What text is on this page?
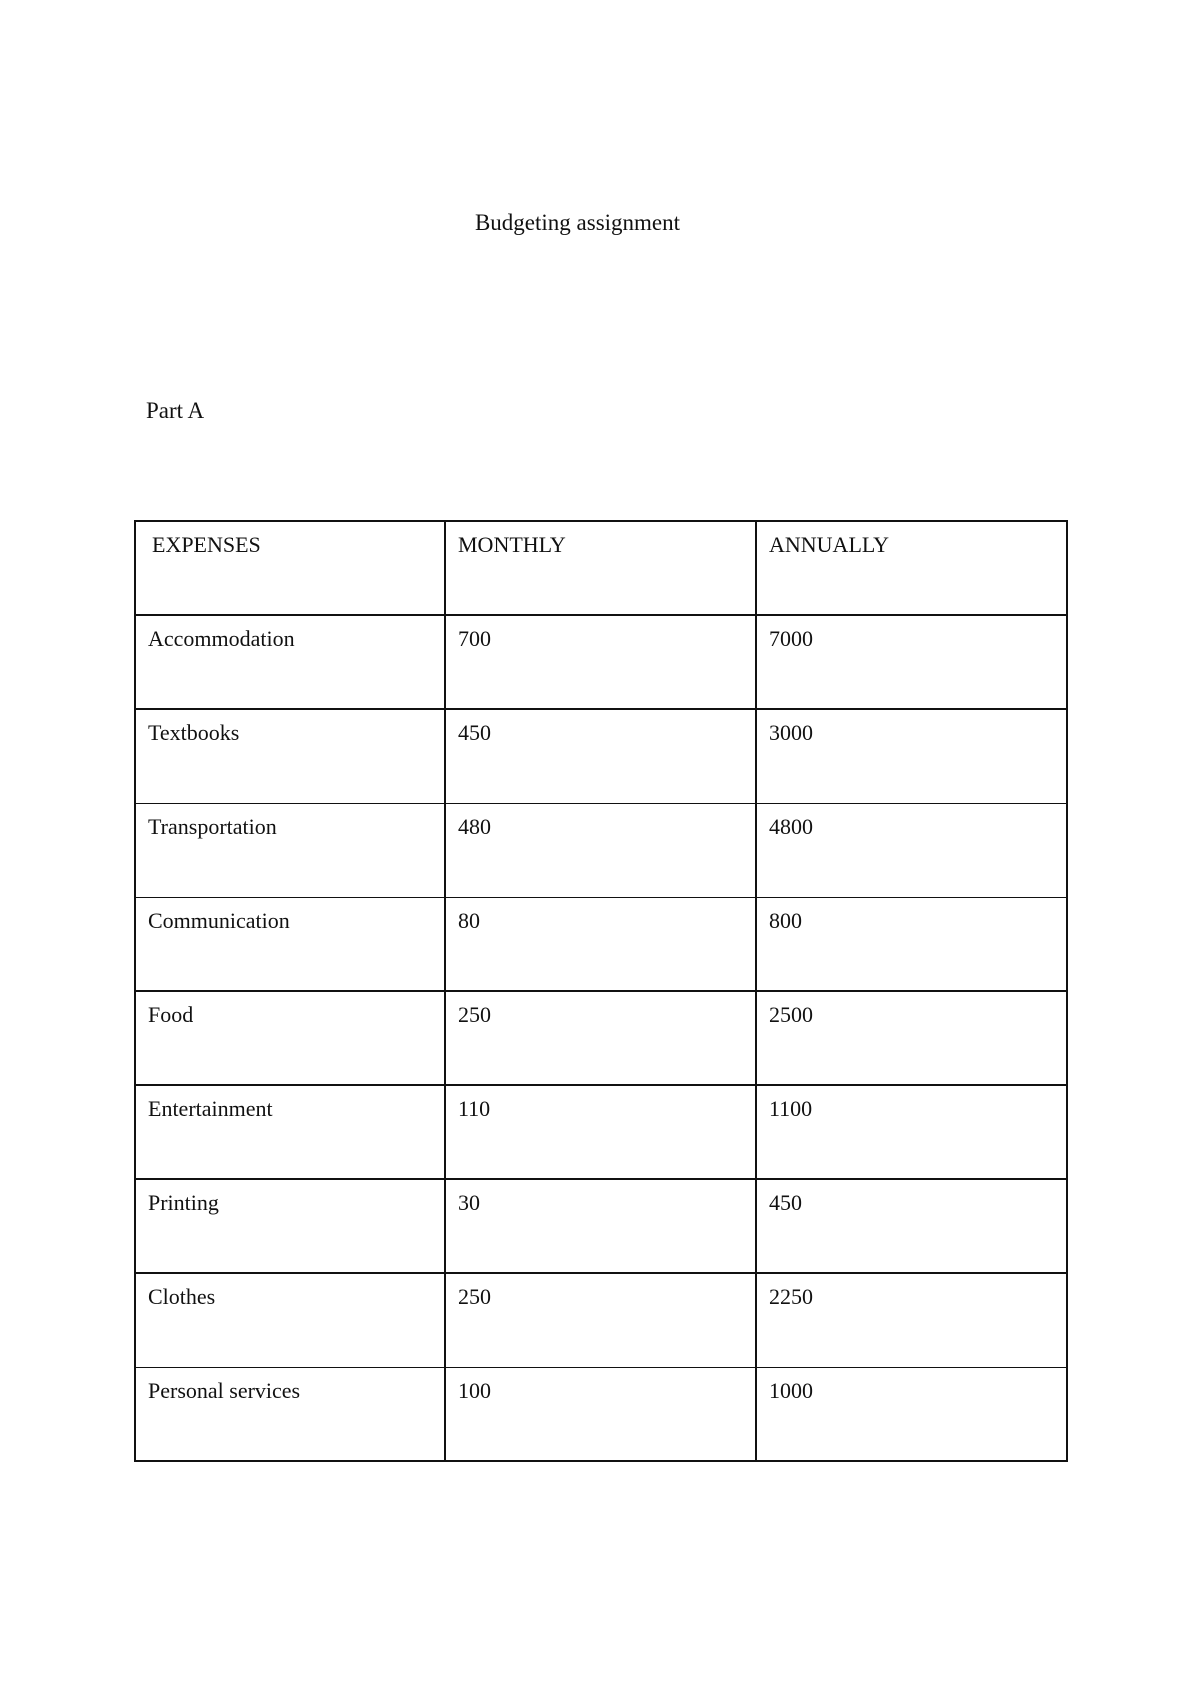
Budgeting assignment
Part A
EXPENSES	MONTHLY	ANNUALLY
Accommodation	700	7000
Textbooks	450	3000
Transportation	480	4800
Communication	80	800
Food	250	2500
Entertainment	110	1100
Printing	30	450
Clothes	250	2250
Personal services	100	1000
